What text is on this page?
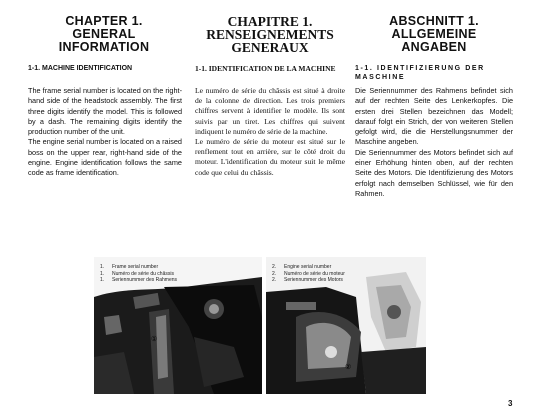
CHAPTER 1.
GENERAL
INFORMATION
1-1. MACHINE IDENTIFICATION

The frame serial number is located on the right-hand side of the headstock assembly. The first three digits identify the model. This is followed by a dash. The remaining digits identify the production number of the unit.

The engine serial number is located on a raised boss on the upper rear, right-hand side of the engine. Engine identification follows the same code as frame identification.

CHAPITRE 1.
RENSEIGNEMENTS
GENERAUX
1-1. IDENTIFICATION DE LA MACHINE

Le numéro de série du châssis est situé à droite de la colonne de direction. Les trois premiers chiffres servent à identifier le modèle. Ils sont suivis par un tiret. Les chiffres qui suivent indiquent le numéro de série de la machine.

Le numéro de série du moteur est situé sur le renflement tout en arrière, sur le côté droit du moteur. L'identification du moteur suit le même code que celui du châssis.

ABSCHNITT 1.
ALLGEMEINE
ANGABEN
1-1. IDENTIFIZIERUNG DER MASCHINE

Die Seriennummer des Rahmens befindet sich auf der rechten Seite des Lenkerkopfes. Die ersten drei Stellen bezeichnen das Modell; darauf folgt ein Strich, der von weiteren Stellen gefolgt wird, die die Herstellungsnummer der Maschine angeben.

Die Seriennummer des Motors befindet sich auf einer Erhöhung hinten oben, auf der rechten Seite des Motors. Die Identifizierung des Motors erfolgt nach demselben Schlüssel, wie für den Rahmen.

1. Frame serial number
1. Numéro de série du châssis
1. Seriennummer des Rahmens
2. Engine serial number
2. Numéro de série du moteur
2. Seriennummer des Motors
①
②
3
